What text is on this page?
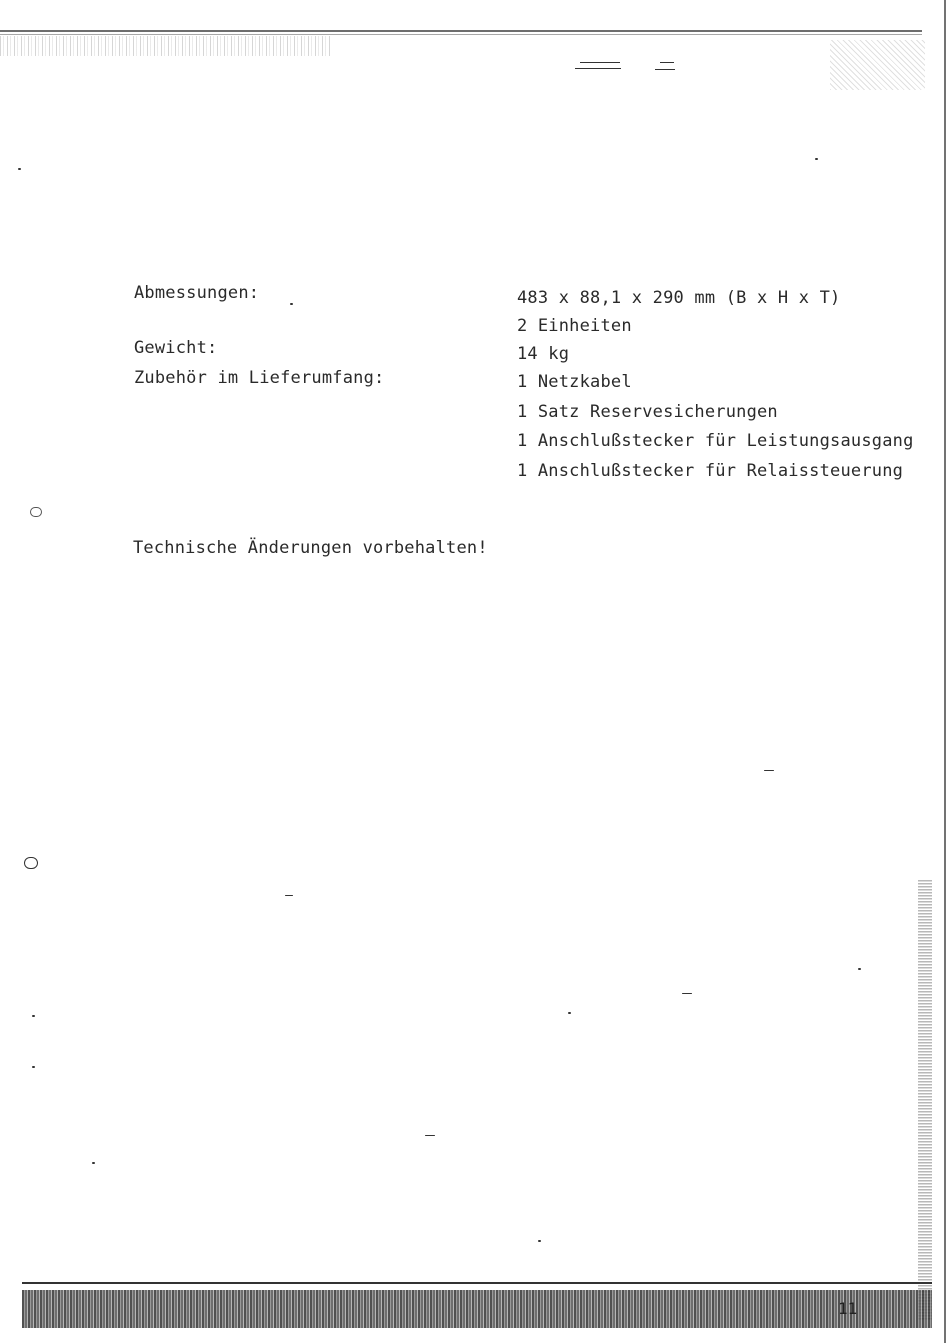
Abmessungen:	483 x 88,1 x 290 mm (B x H x T)
2 Einheiten
Gewicht:	14 kg
Zubehör im Lieferumfang:	1 Netzkabel
1 Satz Reservesicherungen
1 Anschlußstecker für Leistungsausgang
1 Anschlußstecker für Relaissteuerung
Technische Änderungen vorbehalten!
11
